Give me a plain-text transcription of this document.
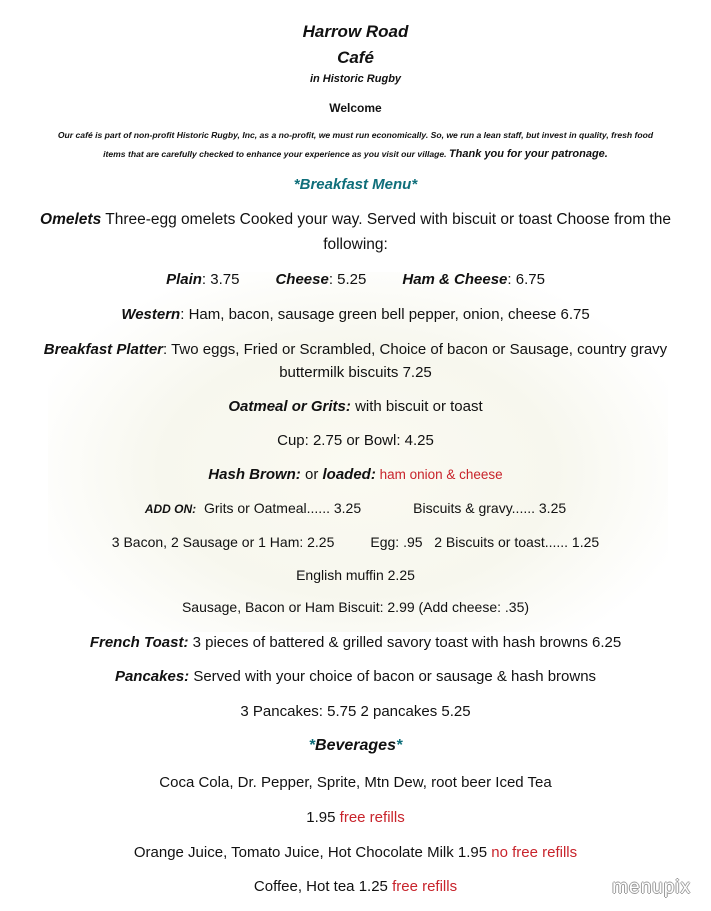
Harrow Road
Café
in Historic Rugby
Welcome
Our café is part of non-profit Historic Rugby, Inc, as a no-profit, we must run economically. So, we run a lean staff, but invest in quality, fresh food
items that are carefully checked to enhance your experience as you visit our village. Thank you for your patronage.
*Breakfast Menu*
Omelets Three-egg omelets Cooked your way. Served with biscuit or toast Choose from the
following:
Plain: 3.75 Cheese: 5.25 Ham & Cheese: 6.75
Western: Ham, bacon, sausage green bell pepper, onion, cheese 6.75
Breakfast Platter: Two eggs, Fried or Scrambled, Choice of bacon or Sausage, country gravy
buttermilk biscuits 7.25
Oatmeal or Grits: with biscuit or toast
Cup: 2.75 or Bowl: 4.25
Hash Brown: or loaded: ham onion & cheese
ADD ON: Grits or Oatmeal...... 3.25	Biscuits & gravy...... 3.25
3 Bacon, 2 Sausage or 1 Ham: 2.25	Egg: .95 2 Biscuits or toast...... 1.25
English muffin 2.25
Sausage, Bacon or Ham Biscuit: 2.99 (Add cheese: .35)
French Toast: 3 pieces of battered & grilled savory toast with hash browns 6.25
Pancakes: Served with your choice of bacon or sausage & hash browns
3 Pancakes: 5.75 2 pancakes 5.25
*Beverages*
Coca Cola, Dr. Pepper, Sprite, Mtn Dew, root beer Iced Tea
1.95 free refills
Orange Juice, Tomato Juice, Hot Chocolate Milk 1.95 no free refills
Coffee, Hot tea 1.25 free refills	menupix
